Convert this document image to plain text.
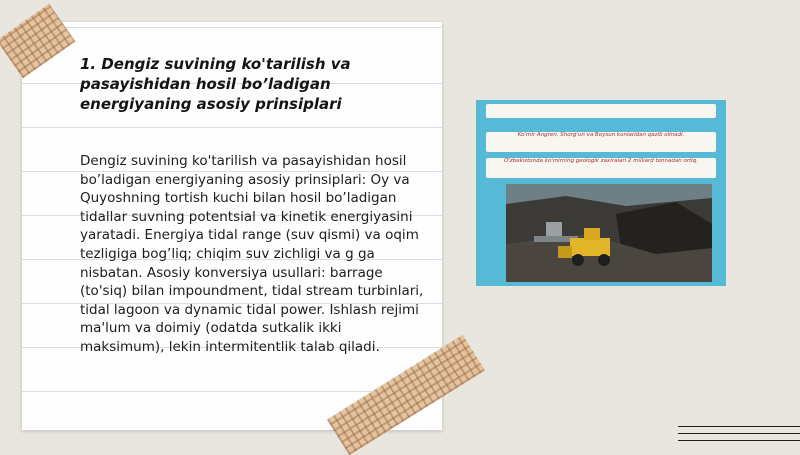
1. Dengiz suvining ko'tarilish va pasayishidan hosil bo’ladigan energiyaning asosiy prinsiplari

Dengiz suvining ko'tarilish va pasayishidan hosil bo’ladigan energiyaning asosiy prinsiplari: Oy va Quyoshning tortish kuchi bilan hosil bo’ladigan tidallar suvning potentsial va kinetik energiyasini yaratadi. Energiya tidal range (suv qismi) va oqim tezligiga bog’liq; chiqim suv zichligi va g ga nisbatan. Asosiy konversiya usullari: barrage (to'siq) bilan impoundment, tidal stream turbinlari, tidal lagoon va dynamic tidal power. Ishlash rejimi ma'lum va doimiy (odatda sutkalik ikki maksimum), lekin intermitentlik talab qiladi.

Ko'mir Angren, Shorg'un va Boysun konlaridan qazib olinadi.
O'zbekistonda ko'mirning geologik zaxiralari 2 milliard tonnadan ortiq.
